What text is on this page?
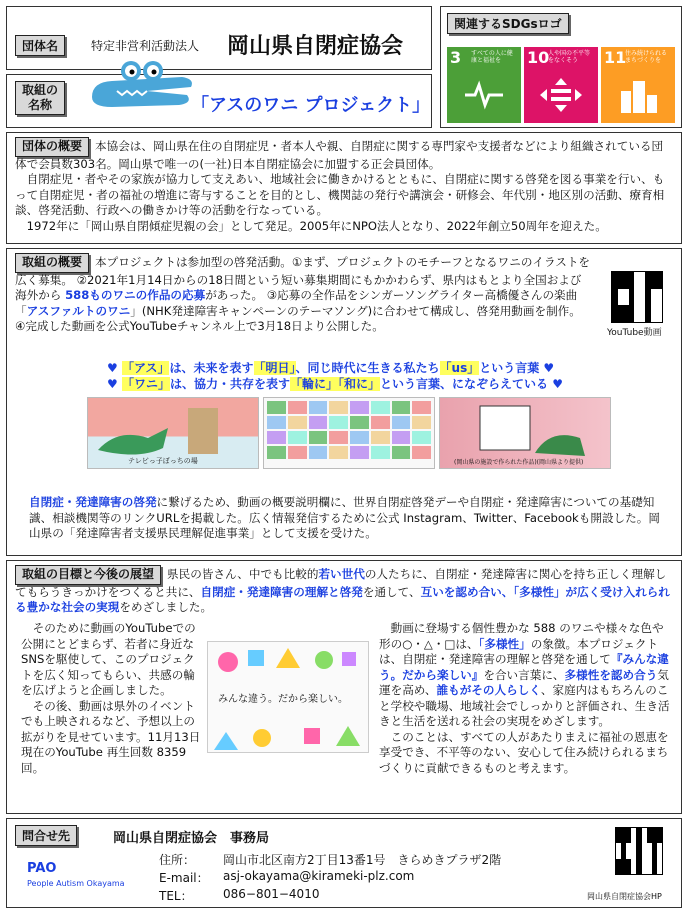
団体名	特定非営利活動法人 岡山県自閉症協会
関連するSDGsロゴ
3 すべての人に健康と福祉を	10
人や国の不平等をなくそう	11
住み続けられるまちづくりを
取組の
名称	「アスのワニ プロジェクト」

団体の概要 本協会は、岡山県在住の自閉症児・者本人や親、自閉症に関する専門家や支援者などにより組織されている団体で会員数303名。岡山県で唯一の(一社)日本自閉症協会に加盟する正会員団体。
　自閉症児・者やその家族が協力して支えあい、地域社会に働きかけるとともに、自閉症に関する啓発を図る事業を行い、もって自閉症児・者の福祉の増進に寄与することを目的とし、機関誌の発行や講演会・研修会、年代別・地区別の活動、療育相談、啓発活動、行政への働きかけ等の活動を行なっている。
　1972年に「岡山県自閉傾症児親の会」として発足。2005年にNPO法人となり、2022年創立50周年を迎えた。

取組の概要 本プロジェクトは参加型の啓発活動。①まず、プロジェクトのモチーフとなるワニのイラストを広く募集。 ②2021年1月14日からの18日間という短い募集期間にもかかわらず、県内はもとより全国および海外から 588ものワニの作品の応募があった。 ③応募の全作品をシンガーソングライター高橋優さんの楽曲「アスファルトのワニ」(NHK発達障害キャンペーンのテーマソング)に合わせて構成し、啓発用動画を制作。 ④完成した動画を公式YouTubeチャンネル上で3月18日より公開した。	YouTube動画
♥ 「アス」は、未来を表す「明日」、同じ時代に生きる私たち「us」という言葉 ♥
♥ 「ワニ」は、協力・共存を表す「輪に」「和に」という言葉、になぞらえている ♥
テレビっ子ぼっちの場	(岡山県の施設で作られた作品)(岡山県より提供)

自閉症・発達障害の啓発に繋げるため、動画の概要説明欄に、世界自閉症啓発デーや自閉症・発達障害についての基礎知識、相談機関等のリンクURLを掲載した。広く情報発信するために公式 Instagram、Twitter、Facebookも開設した。岡山県の「発達障害者支援県民理解促進事業」として支援を受けた。

取組の目標と今後の展望 県民の皆さん、中でも比較的若い世代の人たちに、自閉症・発達障害に関心を持ち正しく理解してもらうきっかけをつくると共に、自閉症・発達障害の理解と啓発を通して、互いを認め合い、「多様性」が広く受け入れられる豊かな社会の実現をめざしました。

　そのために動画のYouTubeでの公開にとどまらず、若者に身近なSNSを駆使して、このプロジェクトを広く知ってもらい、共感の輪を広げようと企画しました。
　その後、動画は県外のイベントでも上映されるなど、予想以上の拡がりを見せています。11月13日現在のYouTube 再生回数 8359回。

みんな違う。だから楽しい。

　動画に登場する個性豊かな 588 のワニや様々な色や形の○・△・□は、「多様性」の象徴。本プロジェクトは、自閉症・発達障害の理解と啓発を通して『みんな違う。だから楽しい』を合い言葉に、多様性を認め合う気運を高め、誰もがその人らしく、家庭内はもちろんのこと学校や職場、地域社会でしっかりと評価され、生き活きと生活を送れる社会の実現をめざします。
　このことは、すべての人があたりまえに福祉の恩恵を享受でき、不平等のない、安心して住み続けられるまちづくりに貢献できるものと考えます。

問合せ先	岡山県自閉症協会　事務局
PAO
People Autism Okayama
住所： 岡山市北区南方2丁目13番1号　きらめきプラザ2階
E-mail： asj-okayama@kirameki-plz.com
TEL：	086−801−4010	岡山県自閉症協会HP
